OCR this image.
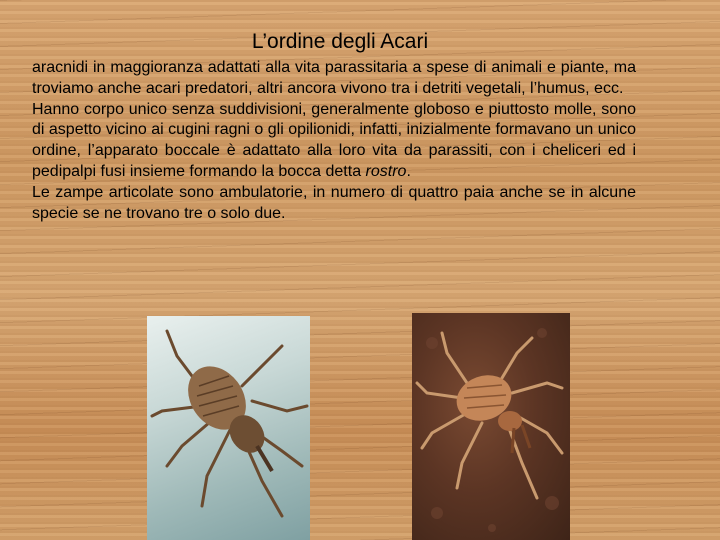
L’ordine degli Acari

aracnidi in maggioranza adattati alla vita parassitaria a spese di animali e piante, ma troviamo anche acari predatori, altri ancora vivono tra i detriti vegetali, l’humus, ecc.

Hanno corpo unico senza suddivisioni, generalmente globoso e piuttosto molle, sono di aspetto vicino ai cugini ragni o gli opilionidi, infatti, inizialmente formavano un unico ordine, l’apparato boccale è adattato alla loro vita da parassiti, con i cheliceri ed i pedipalpi fusi insieme formando la bocca detta rostro.

Le zampe articolate sono ambulatorie, in numero di quattro paia anche se in alcune specie se ne trovano tre o solo due.
